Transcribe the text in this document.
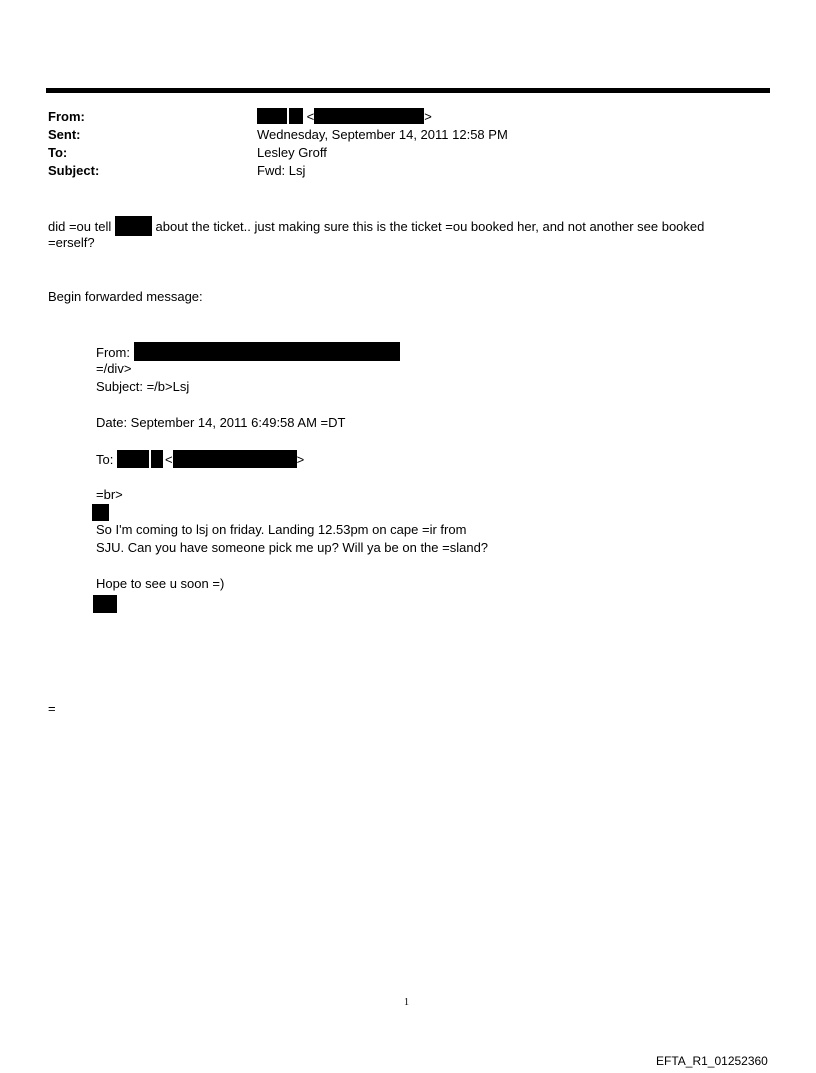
From:	<	>
Sent:	Wednesday, September 14, 2011 12:58 PM
To:	Lesley Groff
Subject:	Fwd: Lsj
did =ou tell	about the ticket.. just making sure this is the ticket =ou booked her, and not another see booked
=erself?
Begin forwarded message:
From:
=/div>
Subject: =/b>Lsj
Date: September 14, 2011 6:49:58 AM =DT
To:	<	>
=br>
So I'm coming to lsj on friday. Landing 12.53pm on cape =ir from
SJU. Can you have someone pick me up? Will ya be on the =sland?
Hope to see u soon =)
=
1
EFTA_R1_01252360
